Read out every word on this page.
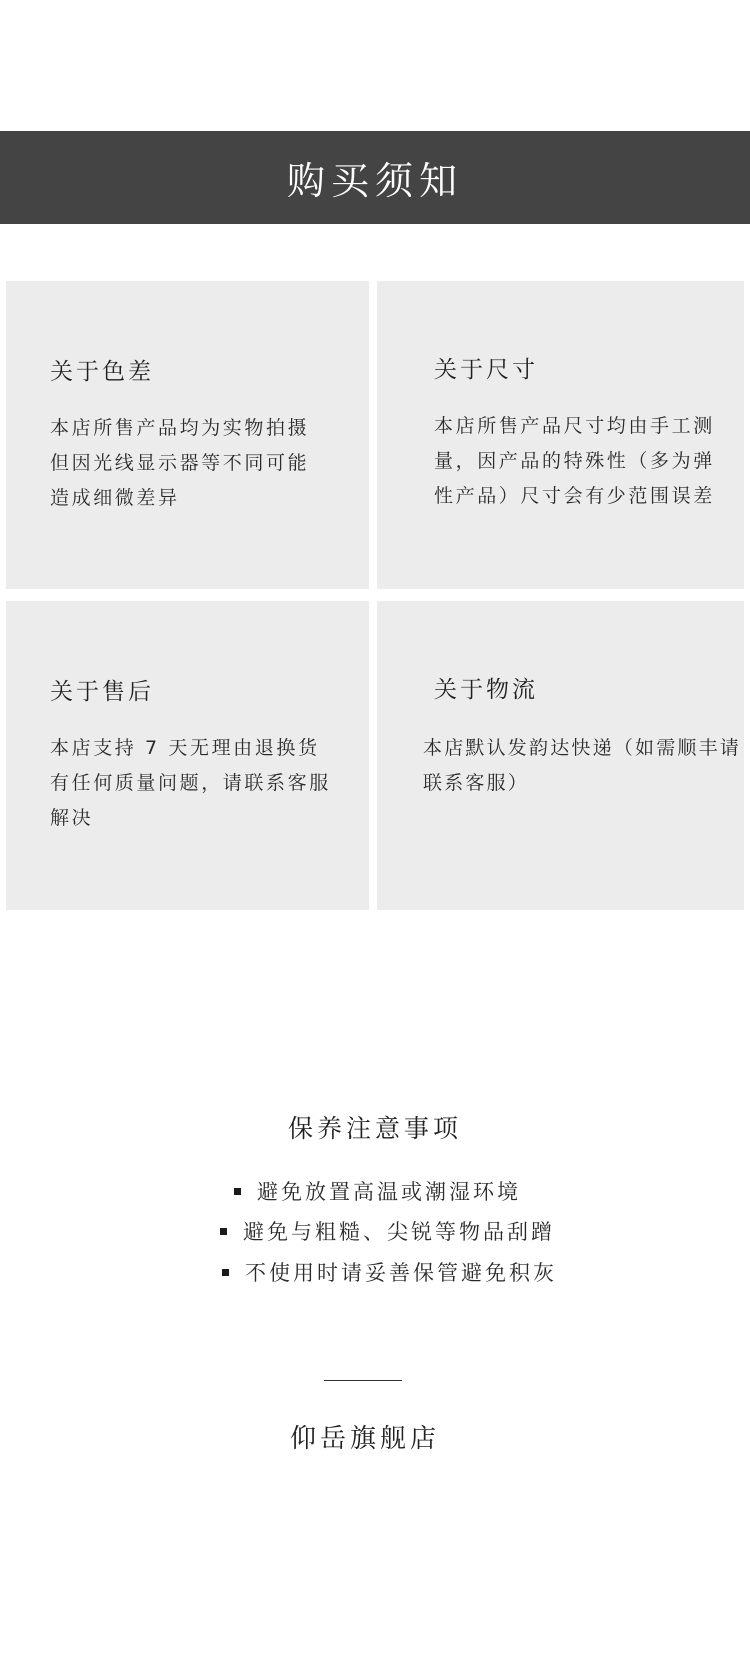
购买须知
关于色差
本店所售产品均为实物拍摄
但因光线显示器等不同可能
造成细微差异
关于尺寸
本店所售产品尺寸均由手工测
量，因产品的特殊性（多为弹
性产品）尺寸会有少范围误差
关于售后
本店支持 7 天无理由退换货
有任何质量问题，请联系客服
解决
关于物流
本店默认发韵达快递（如需顺丰请
联系客服）
保养注意事项
避免放置高温或潮湿环境
避免与粗糙、尖锐等物品刮蹭
不使用时请妥善保管避免积灰
仰岳旗舰店
